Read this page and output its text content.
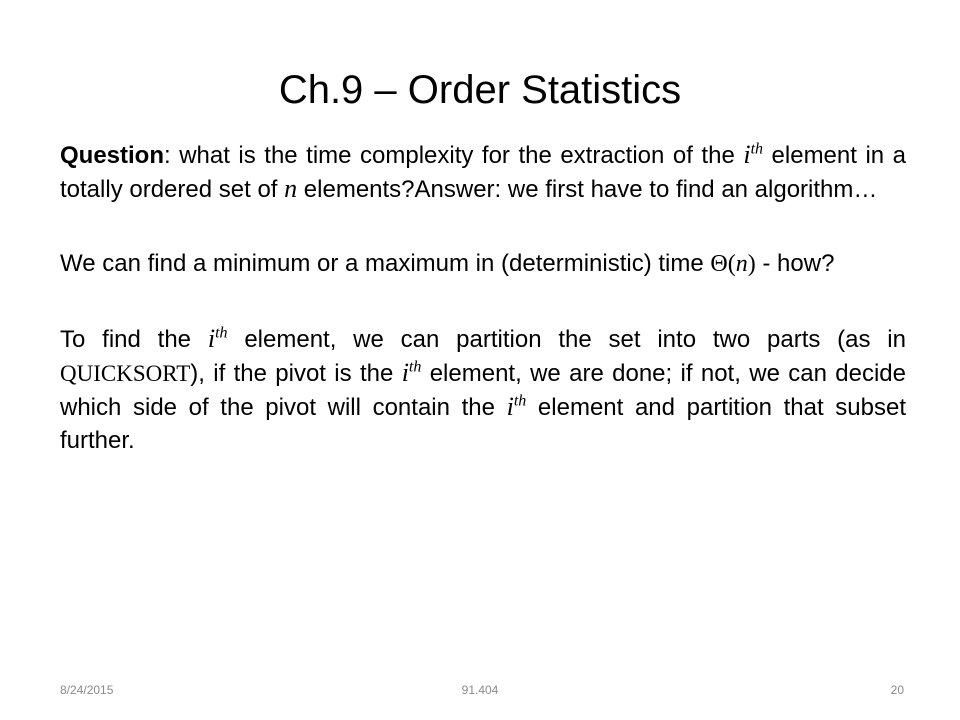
Ch.9 – Order Statistics

Question: what is the time complexity for the extraction of the $i^{th}$ element in a totally ordered set of n elements?Answer: we first have to find an algorithm…

We can find a minimum or a maximum in (deterministic) time Θ(n) - how?

To find the $i^{th}$ element, we can partition the set into two parts (as in QUICKSORT), if the pivot is the $i^{th}$ element, we are done; if not, we can decide which side of the pivot will contain the $i^{th}$ element and partition that subset further.

8/24/2015	91.404	20
